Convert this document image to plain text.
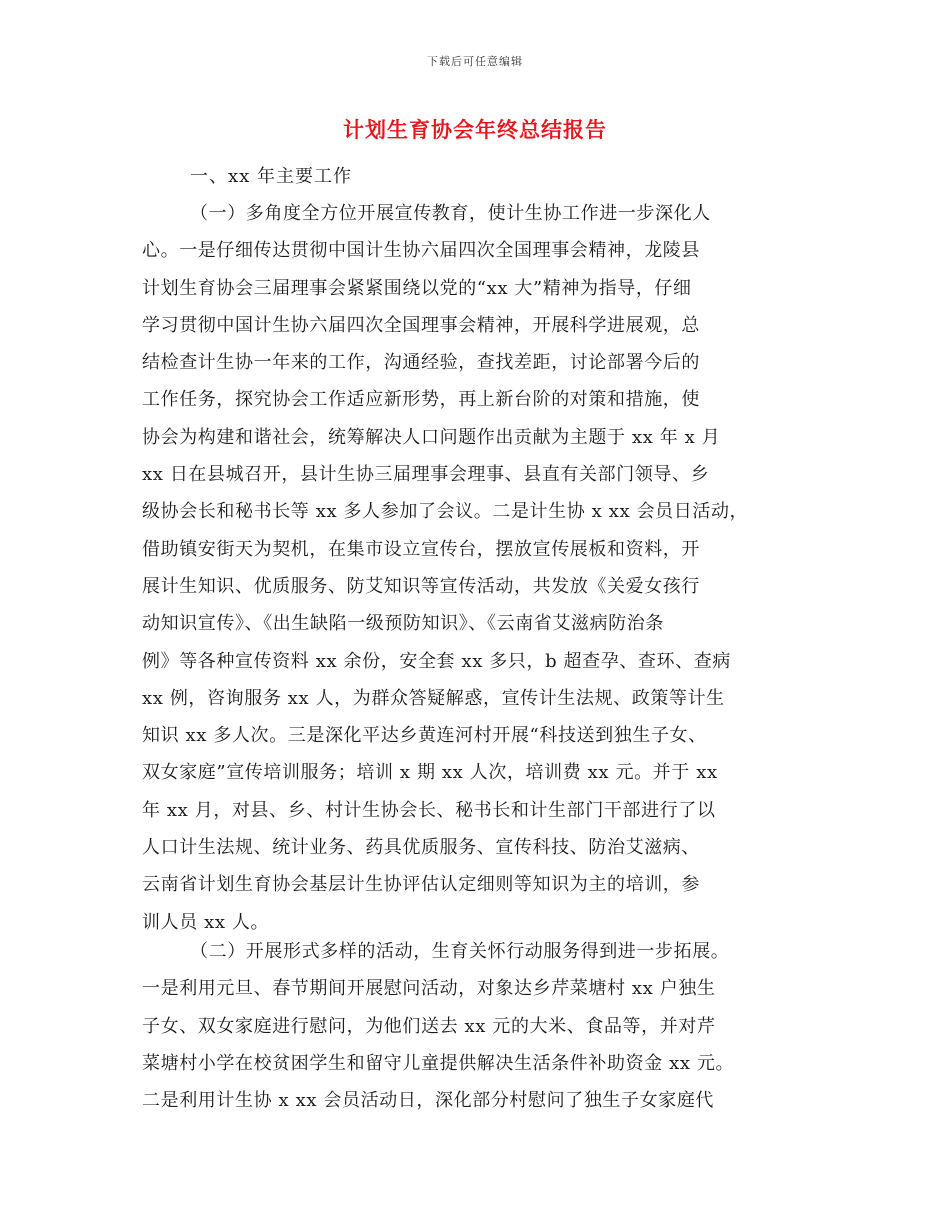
下载后可任意编辑
计划生育协会年终总结报告
一、xx 年主要工作
（一）多角度全方位开展宣传教育，使计生协工作进一步深化人
心。一是仔细传达贯彻中国计生协六届四次全国理事会精神，龙陵县
计划生育协会三届理事会紧紧围绕以党的“xx 大”精神为指导，仔细
学习贯彻中国计生协六届四次全国理事会精神，开展科学进展观，总
结检查计生协一年来的工作，沟通经验，查找差距，讨论部署今后的
工作任务，探究协会工作适应新形势，再上新台阶的对策和措施，使
协会为构建和谐社会，统筹解决人口问题作出贡献为主题于 xx 年 x 月
xx 日在县城召开，县计生协三届理事会理事、县直有关部门领导、乡
级协会长和秘书长等 xx 多人参加了会议。二是计生协 x xx 会员日活动，
借助镇安街天为契机，在集市设立宣传台，摆放宣传展板和资料，开
展计生知识、优质服务、防艾知识等宣传活动，共发放《关爱女孩行
动知识宣传》、《出生缺陷一级预防知识》、《云南省艾滋病防治条
例》等各种宣传资料 xx 余份，安全套 xx 多只，b 超查孕、查环、查病
xx 例，咨询服务 xx 人，为群众答疑解惑，宣传计生法规、政策等计生
知识 xx 多人次。三是深化平达乡黄连河村开展“科技送到独生子女、
双女家庭”宣传培训服务；培训 x 期 xx 人次，培训费 xx 元。并于 xx
年 xx 月，对县、乡、村计生协会长、秘书长和计生部门干部进行了以
人口计生法规、统计业务、药具优质服务、宣传科技、防治艾滋病、
云南省计划生育协会基层计生协评估认定细则等知识为主的培训，参
训人员 xx 人。
（二）开展形式多样的活动，生育关怀行动服务得到进一步拓展。
一是利用元旦、春节期间开展慰问活动，对象达乡芹菜塘村 xx 户独生
子女、双女家庭进行慰问，为他们送去 xx 元的大米、食品等，并对芹
菜塘村小学在校贫困学生和留守儿童提供解决生活条件补助资金 xx 元。
二是利用计生协 x xx 会员活动日，深化部分村慰问了独生子女家庭代
